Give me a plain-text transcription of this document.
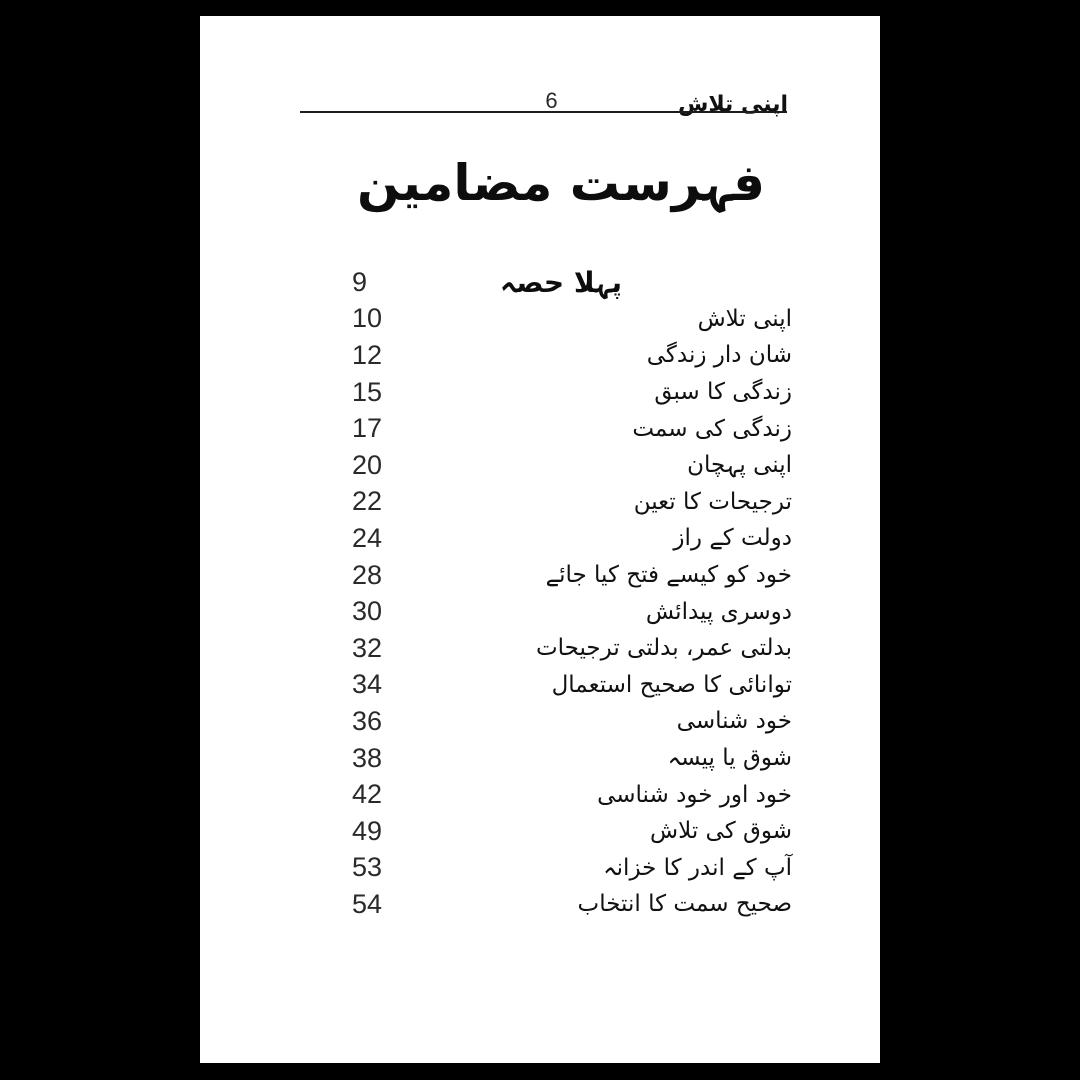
اپنی تلاش
6
فہرست مضامین
9	پہلا حصہ
10	اپنی تلاش
12	شان دار زندگی
15	زندگی کا سبق
17	زندگی کی سمت
20	اپنی پہچان
22	ترجیحات کا تعین
24	دولت کے راز
28	خود کو کیسے فتح کیا جائے
30	دوسری پیدائش
32	بدلتی عمر، بدلتی ترجیحات
34	توانائی کا صحیح استعمال
36	خود شناسی
38	شوق یا پیسہ
42	خود اور خود شناسی
49	شوق کی تلاش
53	آپ کے اندر کا خزانہ
54	صحیح سمت کا انتخاب
